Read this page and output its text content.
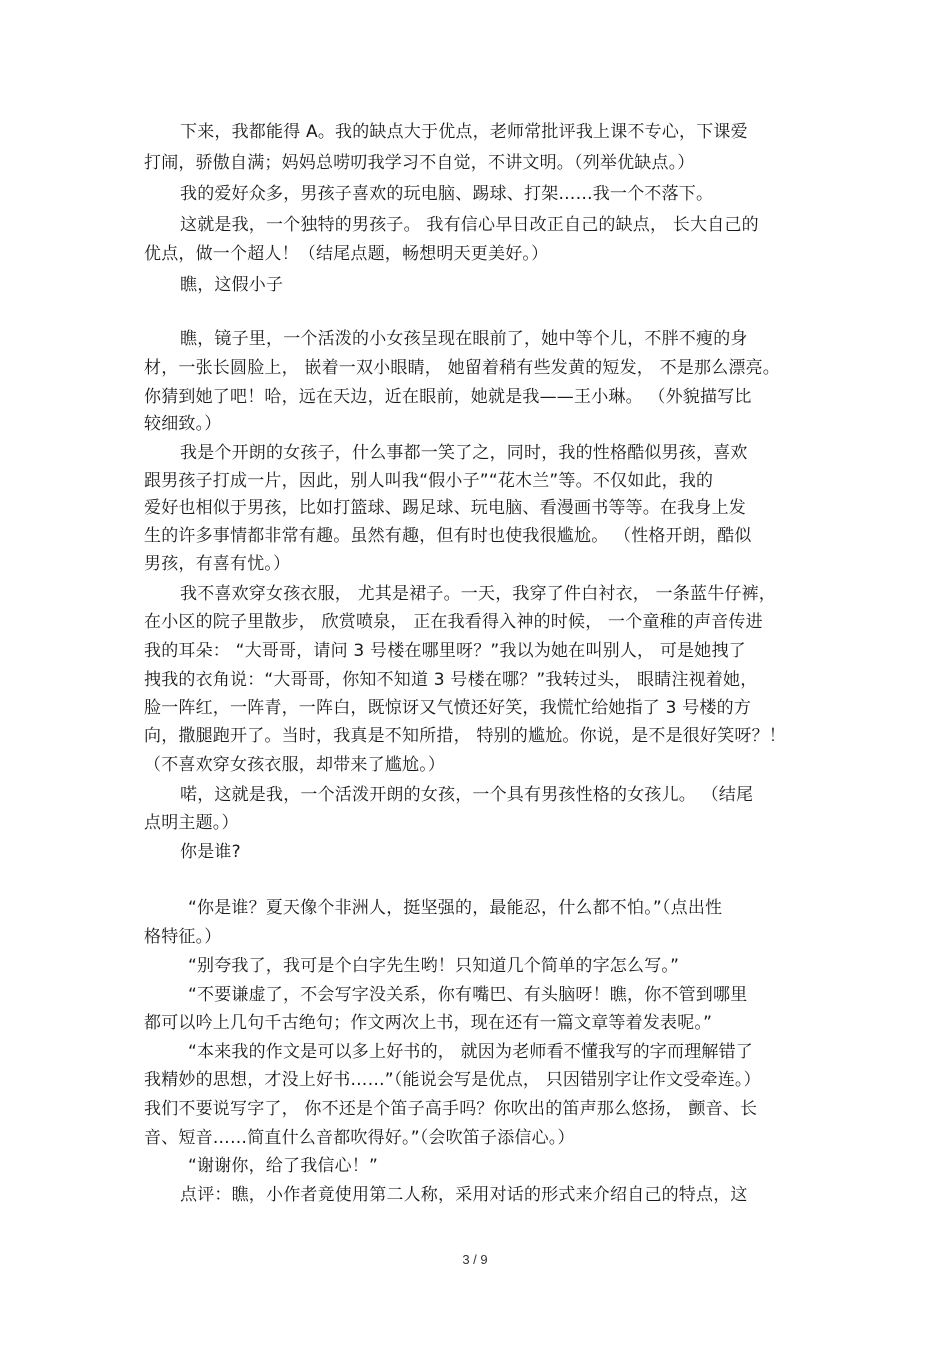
下来，我都能得 A。我的缺点大于优点，老师常批评我上课不专心，下课爱
打闹，骄傲自满；妈妈总唠叨我学习不自觉，不讲文明。（列举优缺点。）
我的爱好众多，男孩子喜欢的玩电脑、踢球、打架……我一个不落下。
这就是我，一个独特的男孩子。 我有信心早日改正自己的缺点， 长大自己的
优点，做一个超人！（结尾点题，畅想明天更美好。）
瞧，这假小子
瞧，镜子里，一个活泼的小女孩呈现在眼前了，她中等个儿，不胖不瘦的身
材，一张长圆脸上， 嵌着一双小眼睛， 她留着稍有些发黄的短发， 不是那么漂亮。
你猜到她了吧！哈，远在天边，近在眼前，她就是我——王小琳。 （外貌描写比
较细致。）
我是个开朗的女孩子，什么事都一笑了之，同时，我的性格酷似男孩，喜欢
跟男孩子打成一片，因此，别人叫我“假小子”“花木兰”等。不仅如此，我的
爱好也相似于男孩，比如打篮球、踢足球、玩电脑、看漫画书等等。在我身上发
生的许多事情都非常有趣。虽然有趣，但有时也使我很尴尬。 （性格开朗，酷似
男孩，有喜有忧。）
我不喜欢穿女孩衣服， 尤其是裙子。一天，我穿了件白衬衣， 一条蓝牛仔裤，
在小区的院子里散步， 欣赏喷泉， 正在我看得入神的时候， 一个童稚的声音传进
我的耳朵： “大哥哥，请问 3 号楼在哪里呀？”我以为她在叫别人， 可是她拽了
拽我的衣角说：“大哥哥，你知不知道 3 号楼在哪？”我转过头， 眼睛注视着她，
脸一阵红，一阵青，一阵白，既惊讶又气愤还好笑，我慌忙给她指了 3 号楼的方
向，撒腿跑开了。当时，我真是不知所措， 特别的尴尬。你说，是不是很好笑呀？！
（不喜欢穿女孩衣服，却带来了尴尬。）
喏，这就是我，一个活泼开朗的女孩，一个具有男孩性格的女孩儿。 （结尾
点明主题。）
你是谁?
“你是谁？夏天像个非洲人，挺坚强的，最能忍，什么都不怕。”（点出性
格特征。）
“别夸我了，我可是个白字先生哟！只知道几个简单的字怎么写。”
“不要谦虚了，不会写字没关系，你有嘴巴、有头脑呀！瞧，你不管到哪里
都可以吟上几句千古绝句；作文两次上书，现在还有一篇文章等着发表呢。”
“本来我的作文是可以多上好书的， 就因为老师看不懂我写的字而理解错了
我精妙的思想，才没上好书……”（能说会写是优点， 只因错别字让作文受牵连。）
我们不要说写字了， 你不还是个笛子高手吗？你吹出的笛声那么悠扬， 颤音、长
音、短音……简直什么音都吹得好。”（会吹笛子添信心。）
“谢谢你，给了我信心！”
点评：瞧，小作者竟使用第二人称，采用对话的形式来介绍自己的特点，这
3 / 9
